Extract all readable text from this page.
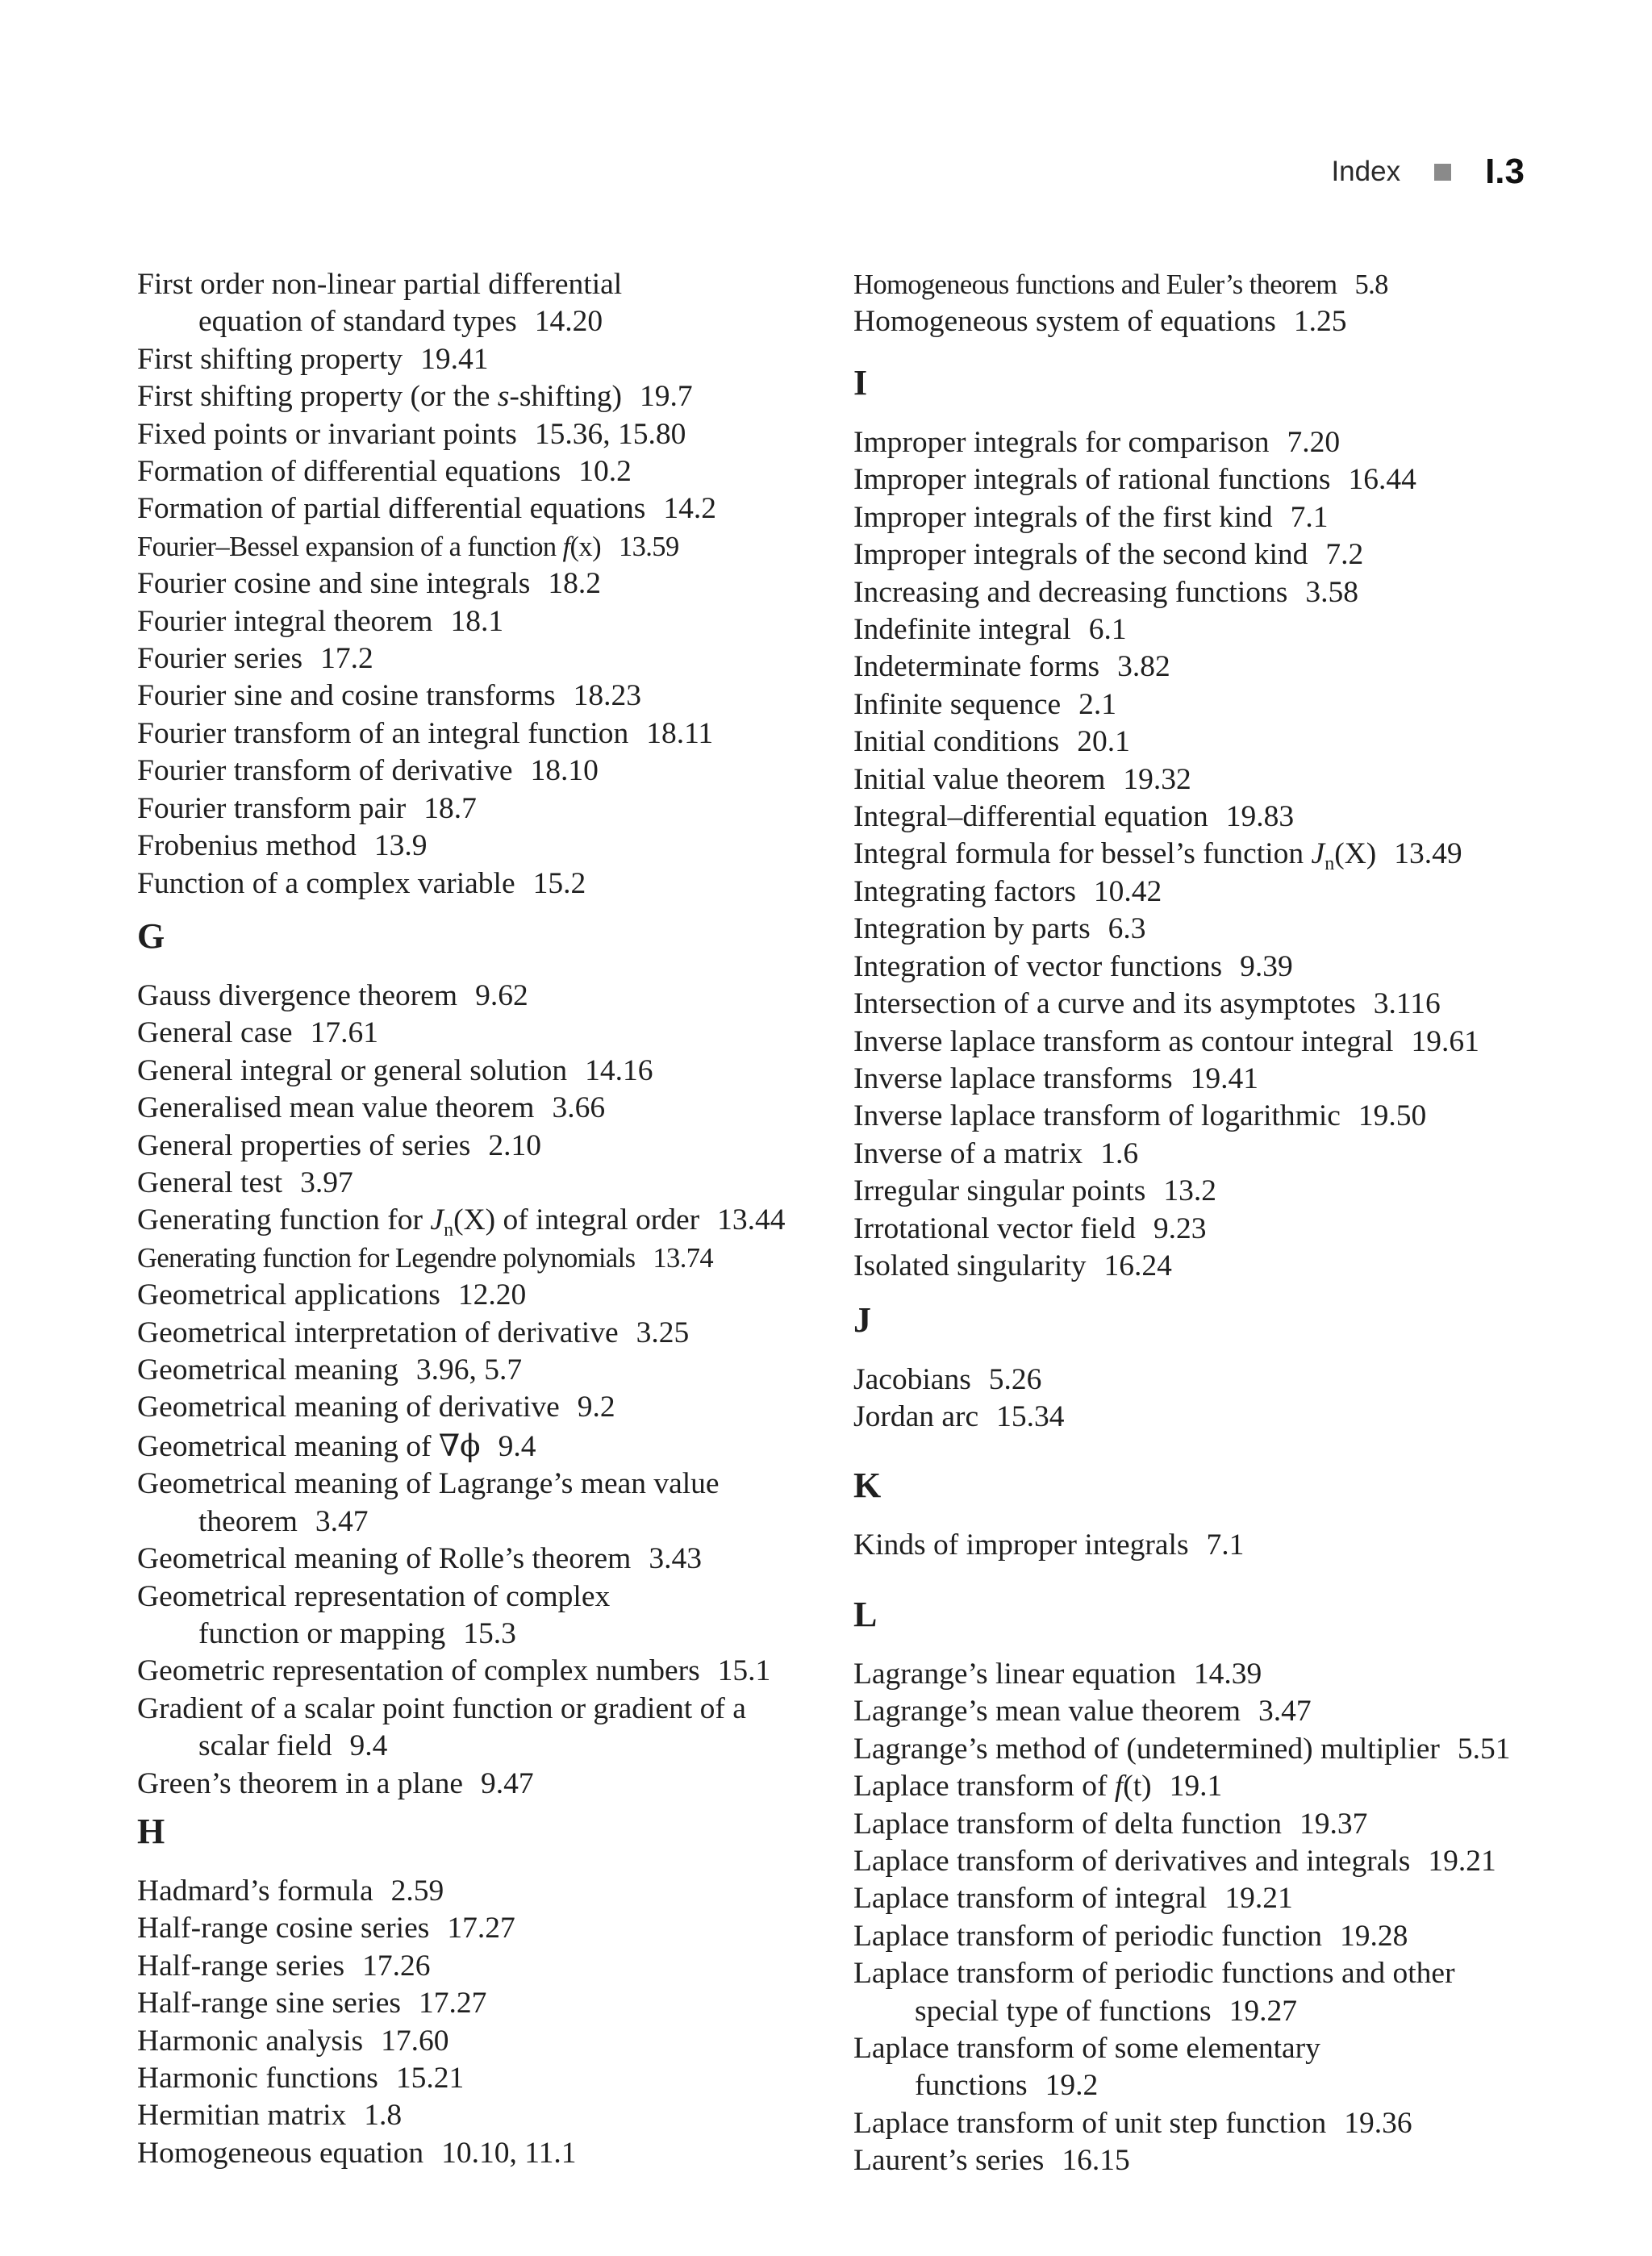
Index I.3
First order non-linear partial differential
equation of standard types 14.20
First shifting property 19.41
First shifting property (or the s-shifting) 19.7
Fixed points or invariant points 15.36, 15.80
Formation of differential equations 10.2
Formation of partial differential equations 14.2
Fourier–Bessel expansion of a function f(x) 13.59
Fourier cosine and sine integrals 18.2
Fourier integral theorem 18.1
Fourier series 17.2
Fourier sine and cosine transforms 18.23
Fourier transform of an integral function 18.11
Fourier transform of derivative 18.10
Fourier transform pair 18.7
Frobenius method 13.9
Function of a complex variable 15.2
G
Gauss divergence theorem 9.62
General case 17.61
General integral or general solution 14.16
Generalised mean value theorem 3.66
General properties of series 2.10
General test 3.97
Generating function for $J_n(X)$ of integral order 13.44
Generating function for Legendre polynomials 13.74
Geometrical applications 12.20
Geometrical interpretation of derivative 3.25
Geometrical meaning 3.96, 5.7
Geometrical meaning of derivative 9.2
Geometrical meaning of ∇ϕ 9.4
Geometrical meaning of Lagrange’s mean value
theorem 3.47
Geometrical meaning of Rolle’s theorem 3.43
Geometrical representation of complex
function or mapping 15.3
Geometric representation of complex numbers 15.1
Gradient of a scalar point function or gradient of a
scalar field 9.4
Green’s theorem in a plane 9.47
H
Hadmard’s formula 2.59
Half-range cosine series 17.27
Half-range series 17.26
Half-range sine series 17.27
Harmonic analysis 17.60
Harmonic functions 15.21
Hermitian matrix 1.8
Homogeneous equation 10.10, 11.1
Homogeneous functions and Euler’s theorem 5.8
Homogeneous system of equations 1.25
I
Improper integrals for comparison 7.20
Improper integrals of rational functions 16.44
Improper integrals of the first kind 7.1
Improper integrals of the second kind 7.2
Increasing and decreasing functions 3.58
Indefinite integral 6.1
Indeterminate forms 3.82
Infinite sequence 2.1
Initial conditions 20.1
Initial value theorem 19.32
Integral–differential equation 19.83
Integral formula for bessel’s function $J_n(X)$ 13.49
Integrating factors 10.42
Integration by parts 6.3
Integration of vector functions 9.39
Intersection of a curve and its asymptotes 3.116
Inverse laplace transform as contour integral 19.61
Inverse laplace transforms 19.41
Inverse laplace transform of logarithmic 19.50
Inverse of a matrix 1.6
Irregular singular points 13.2
Irrotational vector field 9.23
Isolated singularity 16.24
J
Jacobians 5.26
Jordan arc 15.34
K
Kinds of improper integrals 7.1
L
Lagrange’s linear equation 14.39
Lagrange’s mean value theorem 3.47
Lagrange’s method of (undetermined) multiplier 5.51
Laplace transform of f(t) 19.1
Laplace transform of delta function 19.37
Laplace transform of derivatives and integrals 19.21
Laplace transform of integral 19.21
Laplace transform of periodic function 19.28
Laplace transform of periodic functions and other
special type of functions 19.27
Laplace transform of some elementary
functions 19.2
Laplace transform of unit step function 19.36
Laurent’s series 16.15
